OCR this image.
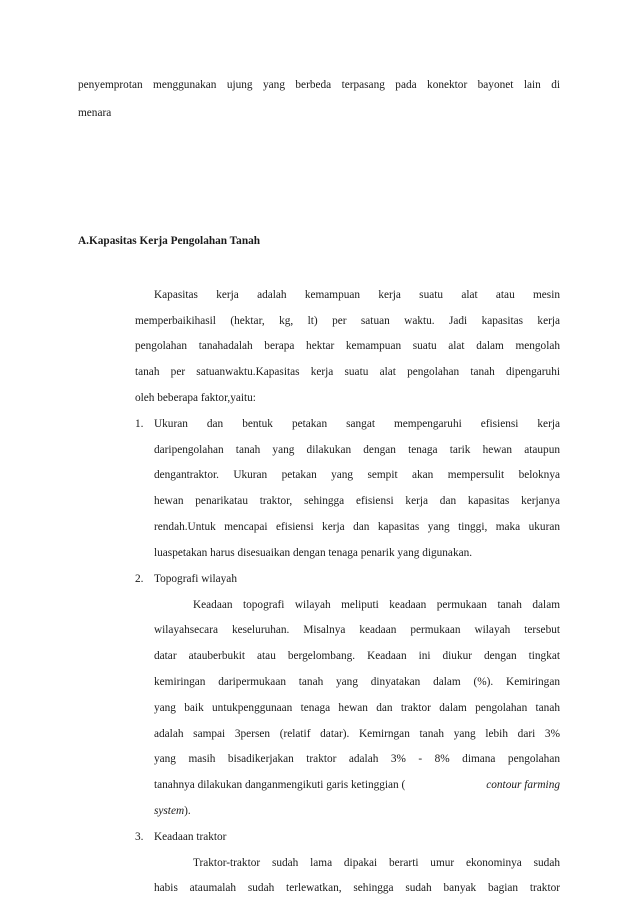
penyemprotan menggunakan ujung yang berbeda terpasang pada konektor bayonet lain di
menara
A.Kapasitas Kerja Pengolahan Tanah
Kapasitas kerja adalah kemampuan kerja suatu alat atau mesin
memperbaikihasil (hektar, kg, lt) per satuan waktu. Jadi kapasitas kerja
pengolahan tanahadalah berapa hektar kemampuan suatu alat dalam mengolah
tanah per satuanwaktu.Kapasitas kerja suatu alat pengolahan tanah dipengaruhi
oleh beberapa faktor,yaitu:
1. Ukuran dan bentuk petakan sangat mempengaruhi efisiensi kerja
daripengolahan tanah yang dilakukan dengan tenaga tarik hewan ataupun
dengantraktor. Ukuran petakan yang sempit akan mempersulit beloknya
hewan penarikatau traktor, sehingga efisiensi kerja dan kapasitas kerjanya
rendah.Untuk mencapai efisiensi kerja dan kapasitas yang tinggi, maka ukuran
luaspetakan harus disesuaikan dengan tenaga penarik yang digunakan.
2. Topografi wilayah
Keadaan topografi wilayah meliputi keadaan permukaan tanah dalam
wilayahsecara keseluruhan. Misalnya keadaan permukaan wilayah tersebut
datar atauberbukit atau bergelombang. Keadaan ini diukur dengan tingkat
kemiringan daripermukaan tanah yang dinyatakan dalam (%). Kemiringan
yang baik untukpenggunaan tenaga hewan dan traktor dalam pengolahan tanah
adalah sampai 3persen (relatif datar). Kemirngan tanah yang lebih dari 3%
yang masih bisadikerjakan traktor adalah 3% - 8% dimana pengolahan
tanahnya dilakukan danganmengikuti garis ketinggian (	contour farming
system).
3. Keadaan traktor
Traktor-traktor sudah lama dipakai berarti umur ekonominya sudah
habis ataumalah sudah terlewatkan, sehingga sudah banyak bagian traktor
